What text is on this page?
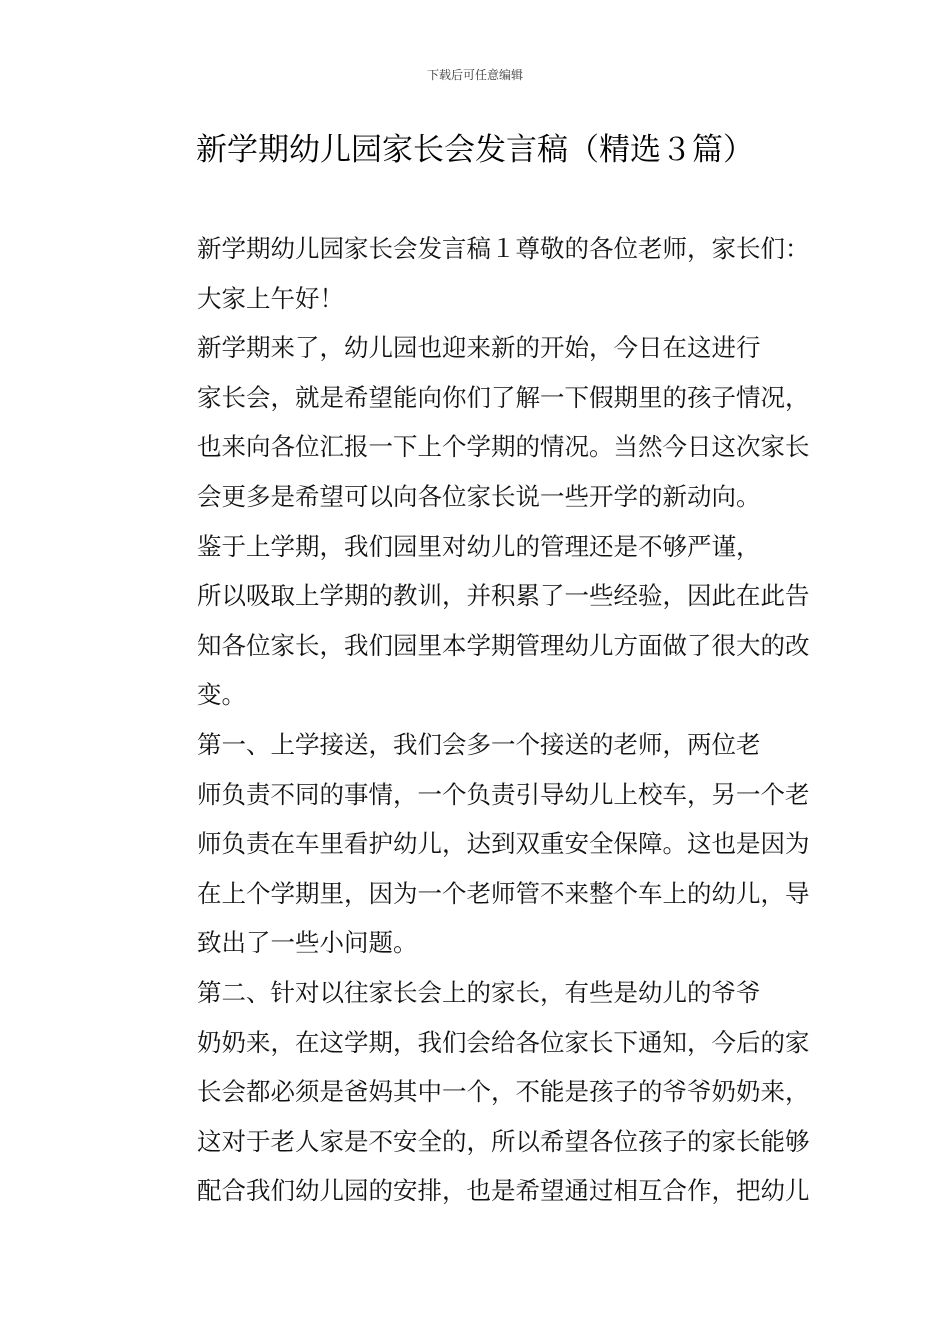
下载后可任意编辑
新学期幼儿园家长会发言稿（精选３篇）

新学期幼儿园家长会发言稿１尊敬的各位老师，家长们：

大家上午好！

新学期来了，幼儿园也迎来新的开始，今日在这进行
家长会，就是希望能向你们了解一下假期里的孩子情况，
也来向各位汇报一下上个学期的情况。当然今日这次家长
会更多是希望可以向各位家长说一些开学的新动向。

鉴于上学期，我们园里对幼儿的管理还是不够严谨，
所以吸取上学期的教训，并积累了一些经验，因此在此告
知各位家长，我们园里本学期管理幼儿方面做了很大的改
变。

第一、上学接送，我们会多一个接送的老师，两位老
师负责不同的事情，一个负责引导幼儿上校车，另一个老
师负责在车里看护幼儿，达到双重安全保障。这也是因为
在上个学期里，因为一个老师管不来整个车上的幼儿，导
致出了一些小问题。

第二、针对以往家长会上的家长，有些是幼儿的爷爷
奶奶来，在这学期，我们会给各位家长下通知，今后的家
长会都必须是爸妈其中一个，不能是孩子的爷爷奶奶来，
这对于老人家是不安全的，所以希望各位孩子的家长能够
配合我们幼儿园的安排，也是希望通过相互合作，把幼儿
